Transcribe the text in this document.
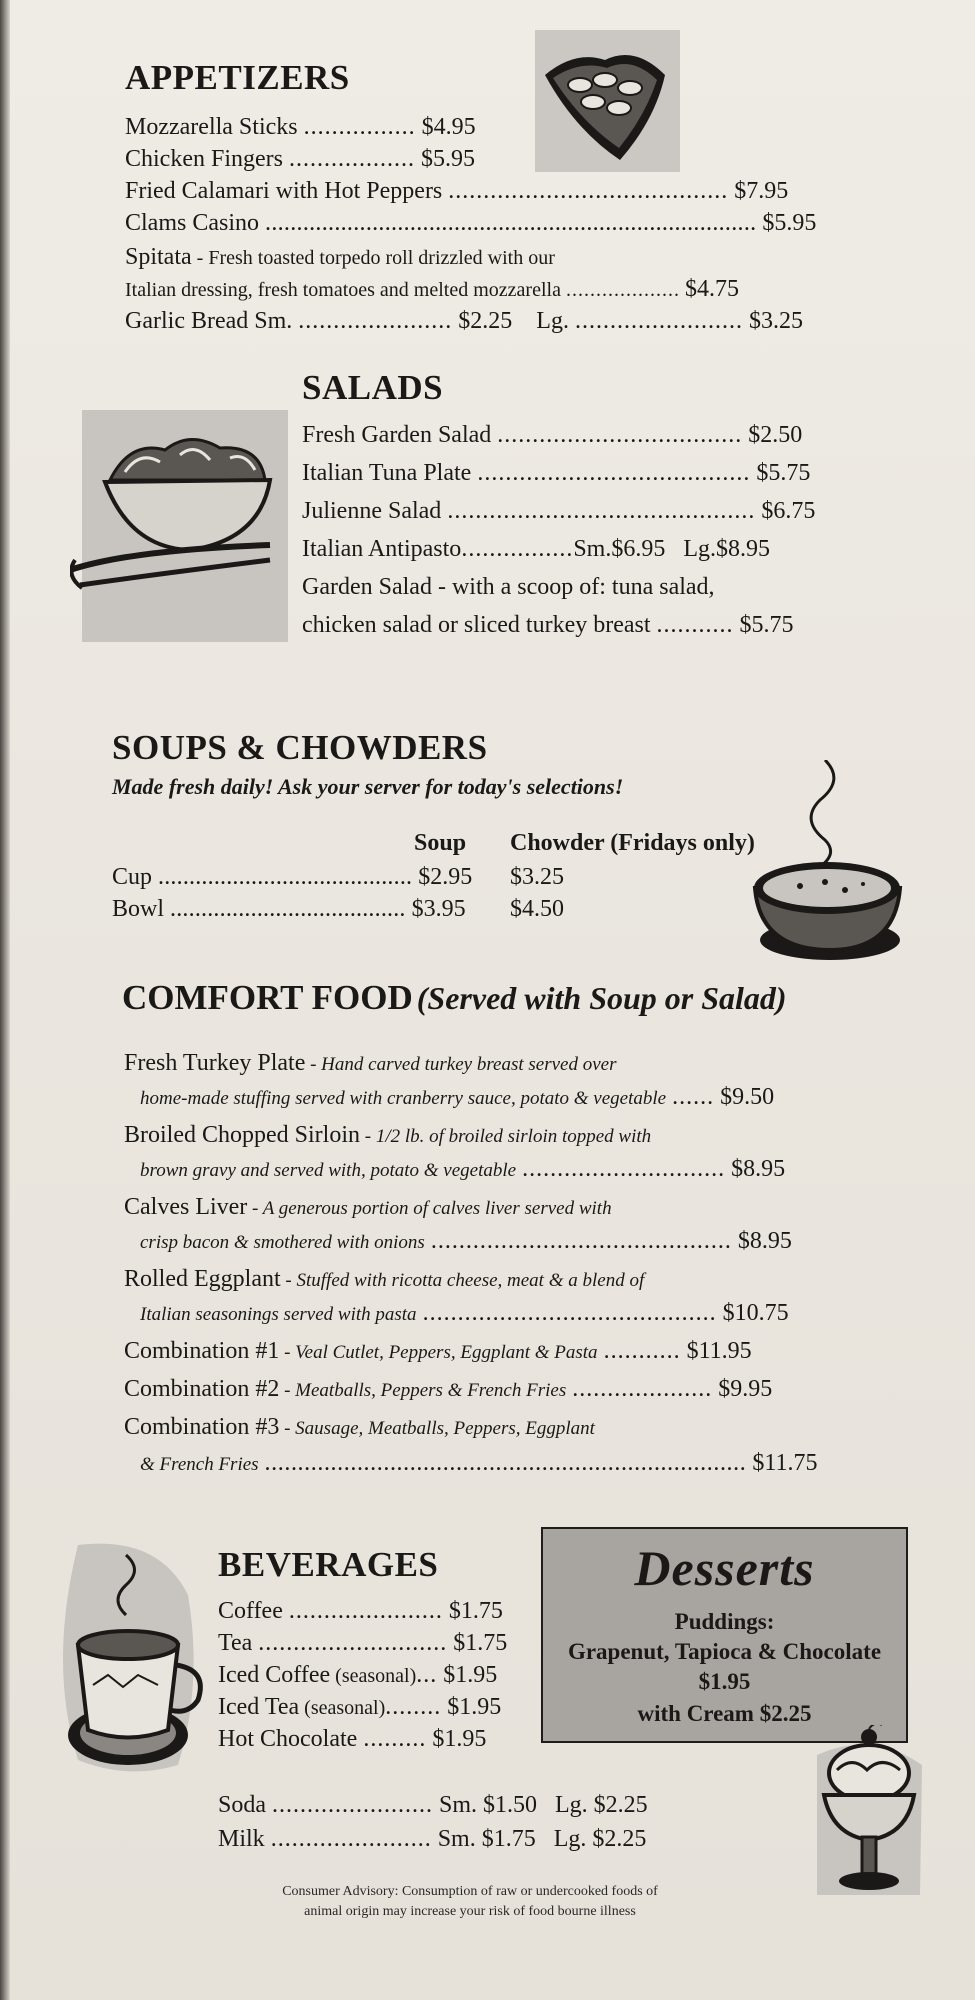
APPETIZERS
Mozzarella Sticks ................ $4.95
Chicken Fingers .................. $5.95
Fried Calamari with Hot Peppers ........................................ $7.95
Clams Casino .............................................................................. $5.95
Spitata - Fresh toasted torpedo roll drizzled with our
Italian dressing, fresh tomatoes and melted mozzarella ................... $4.75
Garlic Bread Sm. ...................... $2.25 Lg. ........................ $3.25
SALADS
Fresh Garden Salad ................................... $2.50
Italian Tuna Plate ....................................... $5.75
Julienne Salad ............................................ $6.75
Italian Antipasto................Sm.$6.95 Lg.$8.95
Garden Salad - with a scoop of: tuna salad,
chicken salad or sliced turkey breast ........... $5.75
SOUPS & CHOWDERS
Made fresh daily! Ask your server for today's selections!
Soup Chowder (Fridays only)
Cup ......................................... $2.95 $3.25
Bowl ...................................... $3.95 $4.50
COMFORT FOOD (Served with Soup or Salad)
Fresh Turkey Plate - Hand carved turkey breast served over
home-made stuffing served with cranberry sauce, potato & vegetable ...... $9.50
Broiled Chopped Sirloin - 1/2 lb. of broiled sirloin topped with
brown gravy and served with, potato & vegetable ............................. $8.95
Calves Liver - A generous portion of calves liver served with
crisp bacon & smothered with onions ........................................... $8.95
Rolled Eggplant - Stuffed with ricotta cheese, meat & a blend of
Italian seasonings served with pasta .......................................... $10.75
Combination #1 - Veal Cutlet, Peppers, Eggplant & Pasta ........... $11.95
Combination #2 - Meatballs, Peppers & French Fries .................... $9.95
Combination #3 - Sausage, Meatballs, Peppers, Eggplant
& French Fries ......................................................................... $11.75
BEVERAGES
Coffee ...................... $1.75
Tea ........................... $1.75
Iced Coffee (seasonal)... $1.95
Iced Tea (seasonal)........ $1.95
Hot Chocolate ......... $1.95
Soda ....................... Sm. $1.50 Lg. $2.25
Milk ....................... Sm. $1.75 Lg. $2.25
Desserts
Puddings:
Grapenut, Tapioca & Chocolate
$1.95
with Cream $2.25
Consumer Advisory: Consumption of raw or undercooked foods of
animal origin may increase your risk of food bourne illness
